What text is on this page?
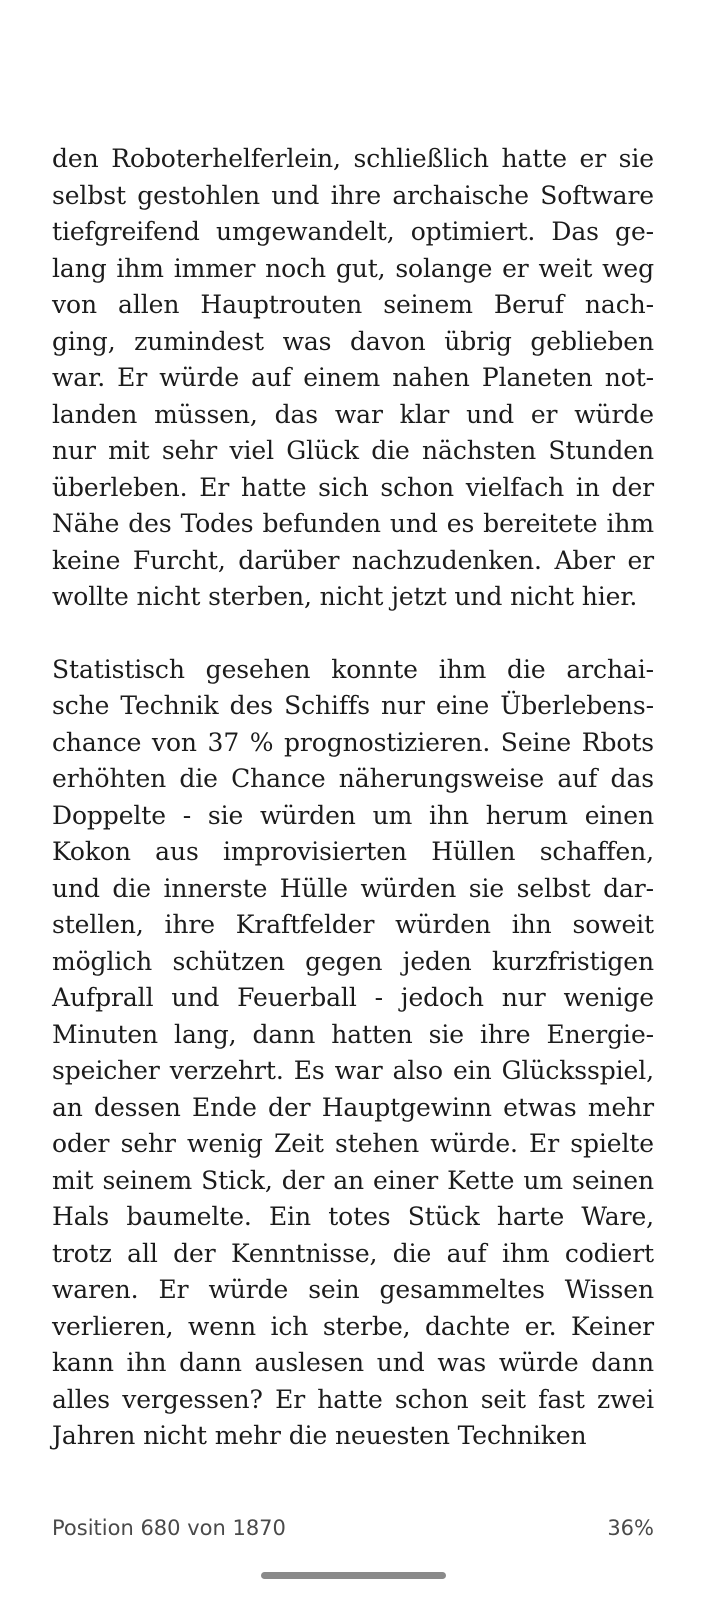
den Roboterhelferlein, schließlich hatte er sie
selbst gestohlen und ihre archaische Software
tiefgreifend umgewandelt, optimiert. Das ge-
lang ihm immer noch gut, solange er weit weg
von allen Hauptrouten seinem Beruf nach-
ging, zumindest was davon übrig geblieben
war. Er würde auf einem nahen Planeten not-
landen müssen, das war klar und er würde
nur mit sehr viel Glück die nächsten Stunden
überleben. Er hatte sich schon vielfach in der
Nähe des Todes befunden und es bereitete ihm
keine Furcht, darüber nachzudenken. Aber er
wollte nicht sterben, nicht jetzt und nicht hier.
Statistisch gesehen konnte ihm die archai-
sche Technik des Schiffs nur eine Überlebens-
chance von 37 % prognostizieren. Seine Rbots
erhöhten die Chance näherungsweise auf das
Doppelte - sie würden um ihn herum einen
Kokon aus improvisierten Hüllen schaffen,
und die innerste Hülle würden sie selbst dar-
stellen, ihre Kraftfelder würden ihn soweit
möglich schützen gegen jeden kurzfristigen
Aufprall und Feuerball - jedoch nur wenige
Minuten lang, dann hatten sie ihre Energie-
speicher verzehrt. Es war also ein Glücksspiel,
an dessen Ende der Hauptgewinn etwas mehr
oder sehr wenig Zeit stehen würde. Er spielte
mit seinem Stick, der an einer Kette um seinen
Hals baumelte. Ein totes Stück harte Ware,
trotz all der Kenntnisse, die auf ihm codiert
waren. Er würde sein gesammeltes Wissen
verlieren, wenn ich sterbe, dachte er. Keiner
kann ihn dann auslesen und was würde dann
alles vergessen? Er hatte schon seit fast zwei
Jahren nicht mehr die neuesten Techniken
Position 680 von 1870	36%
